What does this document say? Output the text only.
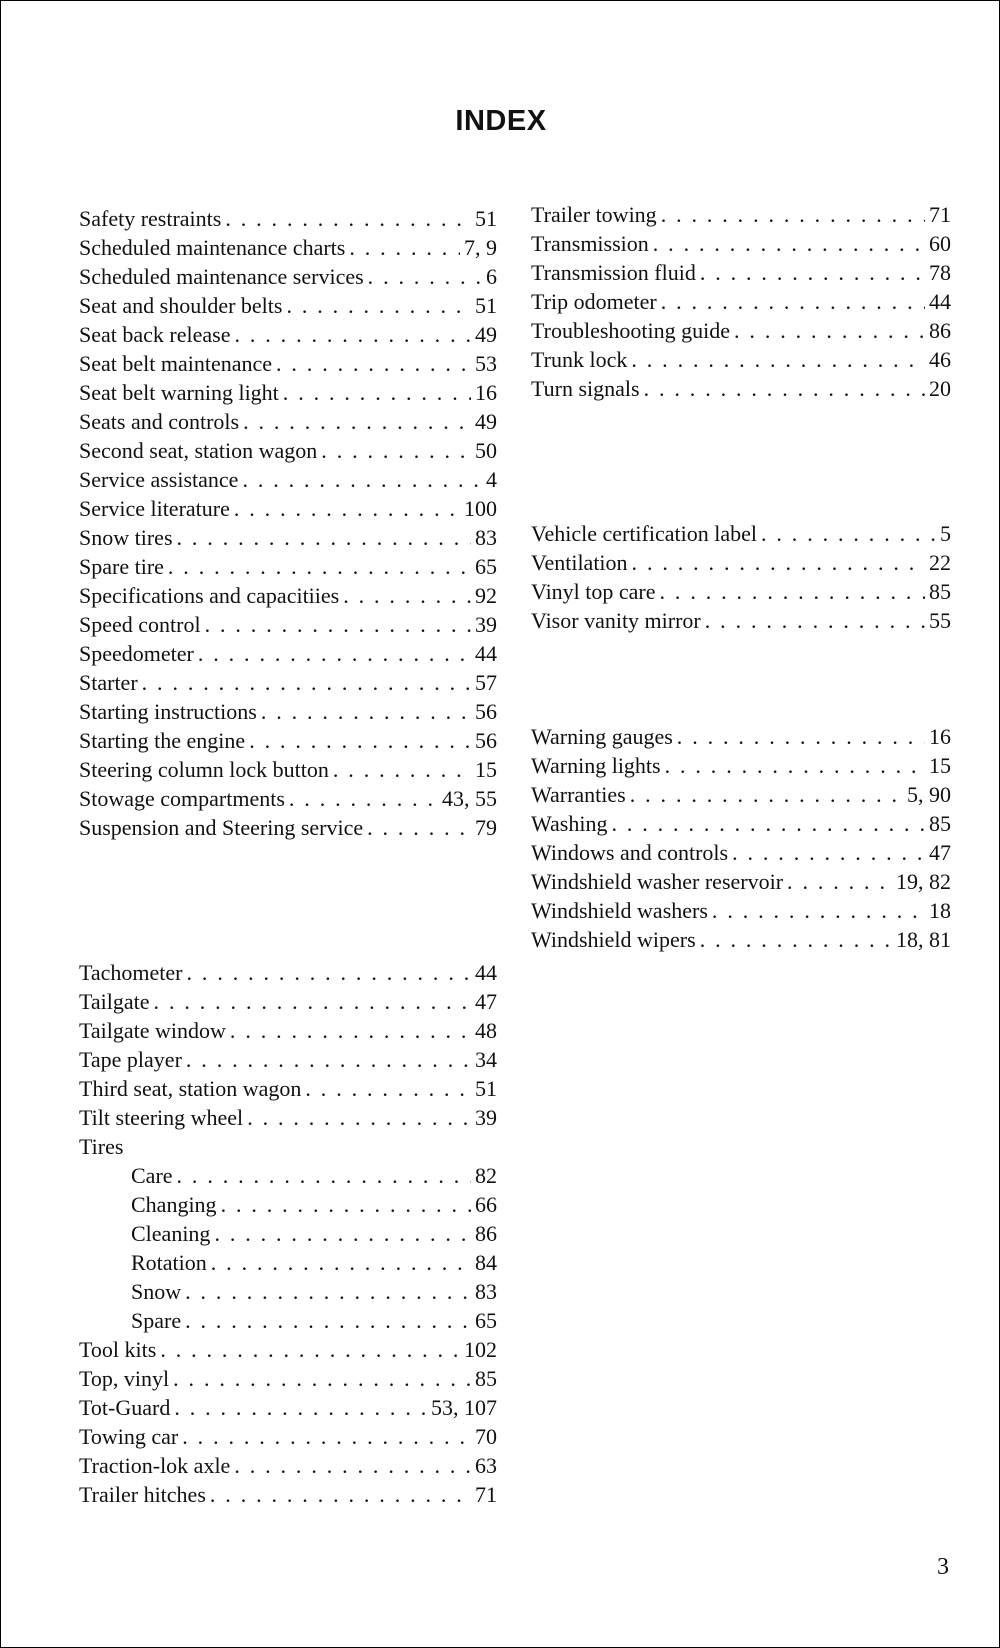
INDEX
Safety restraints . . .	51
Scheduled maintenance charts . . .	7, 9
Scheduled maintenance services . . .	6
Seat and shoulder belts . . .	51
Seat back release . . .	49
Seat belt maintenance . . .	53
Seat belt warning light . . .	16
Seats and controls . . .	49
Second seat, station wagon . . .	50
Service assistance . . .	4
Service literature . . .	100
Snow tires . . .	83
Spare tire . . .	65
Specifications and capacitiies . . .	92
Speed control . . .	39
Speedometer . . .	44
Starter . . .	57
Starting instructions . . .	56
Starting the engine . . .	56
Steering column lock button . . .	15
Stowage compartments . . .	43, 55
Suspension and Steering service . . .	79
Tachometer . . .	44
Tailgate . . .	47
Tailgate window . . .	48
Tape player . . .	34
Third seat, station wagon . . .	51
Tilt steering wheel . . .	39
Tires
Care . . .	82
Changing . . .	66
Cleaning . . .	86
Rotation . . .	84
Snow . . .	83
Spare . . .	65
Tool kits . . .	102
Top, vinyl . . .	85
Tot-Guard . . .	53, 107
Towing car . . .	70
Traction-lok axle . . .	63
Trailer hitches . . .	71
Trailer towing . . .	71
Transmission . . .	60
Transmission fluid . . .	78
Trip odometer . . .	44
Troubleshooting guide . . .	86
Trunk lock . . .	46
Turn signals . . .	20
Vehicle certification label . . .	5
Ventilation . . .	22
Vinyl top care . . .	85
Visor vanity mirror . . .	55
Warning gauges . . .	16
Warning lights . . .	15
Warranties . . .	5, 90
Washing . . .	85
Windows and controls . . .	47
Windshield washer reservoir . . .	19, 82
Windshield washers . . .	18
Windshield wipers . . .	18, 81
3
